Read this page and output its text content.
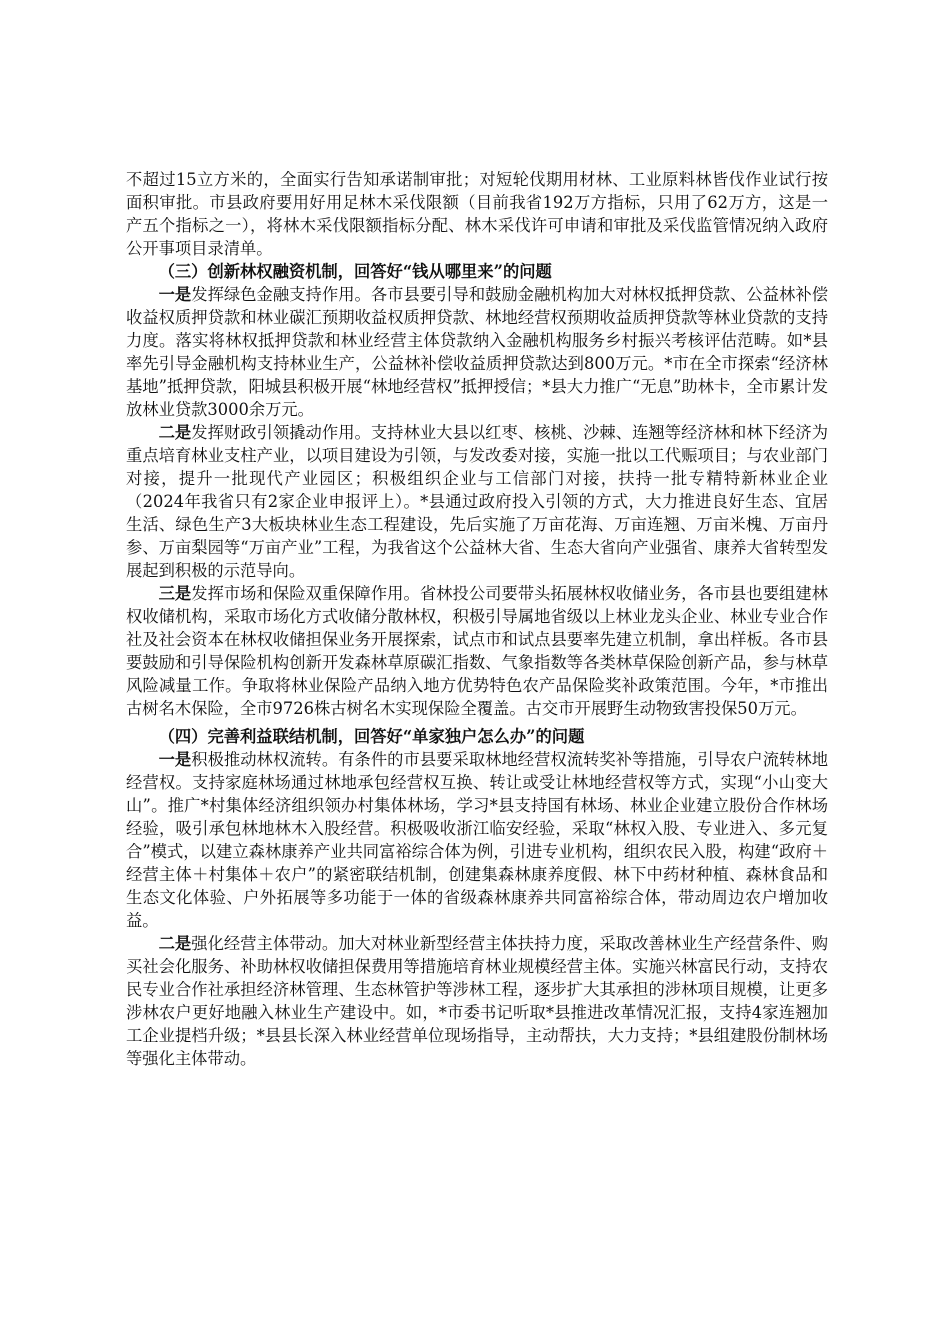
不超过15立方米的，全面实行告知承诺制审批；对短轮伐期用材林、工业原料林皆伐作业试行按面积审批。市县政府要用好用足林木采伐限额（目前我省192万方指标，只用了62万方，这是一产五个指标之一），将林木采伐限额指标分配、林木采伐许可申请和审批及采伐监管情况纳入政府公开事项目录清单。

（三）创新林权融资机制，回答好“钱从哪里来”的问题

一是发挥绿色金融支持作用。各市县要引导和鼓励金融机构加大对林权抵押贷款、公益林补偿收益权质押贷款和林业碳汇预期收益权质押贷款、林地经营权预期收益质押贷款等林业贷款的支持力度。落实将林权抵押贷款和林业经营主体贷款纳入金融机构服务乡村振兴考核评估范畴。如*县率先引导金融机构支持林业生产，公益林补偿收益质押贷款达到800万元。*市在全市探索“经济林基地”抵押贷款，阳城县积极开展“林地经营权”抵押授信；*县大力推广“无息”助林卡，全市累计发放林业贷款3000余万元。

二是发挥财政引领撬动作用。支持林业大县以红枣、核桃、沙棘、连翘等经济林和林下经济为重点培育林业支柱产业，以项目建设为引领，与发改委对接，实施一批以工代赈项目；与农业部门对接，提升一批现代产业园区；积极组织企业与工信部门对接，扶持一批专精特新林业企业（2024年我省只有2家企业申报评上）。*县通过政府投入引领的方式，大力推进良好生态、宜居生活、绿色生产3大板块林业生态工程建设，先后实施了万亩花海、万亩连翘、万亩米槐、万亩丹参、万亩梨园等“万亩产业”工程，为我省这个公益林大省、生态大省向产业强省、康养大省转型发展起到积极的示范导向。

三是发挥市场和保险双重保障作用。省林投公司要带头拓展林权收储业务，各市县也要组建林权收储机构，采取市场化方式收储分散林权，积极引导属地省级以上林业龙头企业、林业专业合作社及社会资本在林权收储担保业务开展探索，试点市和试点县要率先建立机制，拿出样板。各市县要鼓励和引导保险机构创新开发森林草原碳汇指数、气象指数等各类林草保险创新产品，参与林草风险减量工作。争取将林业保险产品纳入地方优势特色农产品保险奖补政策范围。今年，*市推出古树名木保险，全市9726株古树名木实现保险全覆盖。古交市开展野生动物致害投保50万元。

（四）完善利益联结机制，回答好“单家独户怎么办”的问题

一是积极推动林权流转。有条件的市县要采取林地经营权流转奖补等措施，引导农户流转林地经营权。支持家庭林场通过林地承包经营权互换、转让或受让林地经营权等方式，实现“小山变大山”。推广*村集体经济组织领办村集体林场，学习*县支持国有林场、林业企业建立股份合作林场经验，吸引承包林地林木入股经营。积极吸收浙江临安经验，采取“林权入股、专业进入、多元复合”模式，以建立森林康养产业共同富裕综合体为例，引进专业机构，组织农民入股，构建“政府＋经营主体＋村集体＋农户”的紧密联结机制，创建集森林康养度假、林下中药材种植、森林食品和生态文化体验、户外拓展等多功能于一体的省级森林康养共同富裕综合体，带动周边农户增加收益。

二是强化经营主体带动。加大对林业新型经营主体扶持力度，采取改善林业生产经营条件、购买社会化服务、补助林权收储担保费用等措施培育林业规模经营主体。实施兴林富民行动，支持农民专业合作社承担经济林管理、生态林管护等涉林工程，逐步扩大其承担的涉林项目规模，让更多涉林农户更好地融入林业生产建设中。如，*市委书记听取*县推进改革情况汇报，支持4家连翘加工企业提档升级；*县县长深入林业经营单位现场指导，主动帮扶，大力支持；*县组建股份制林场等强化主体带动。
